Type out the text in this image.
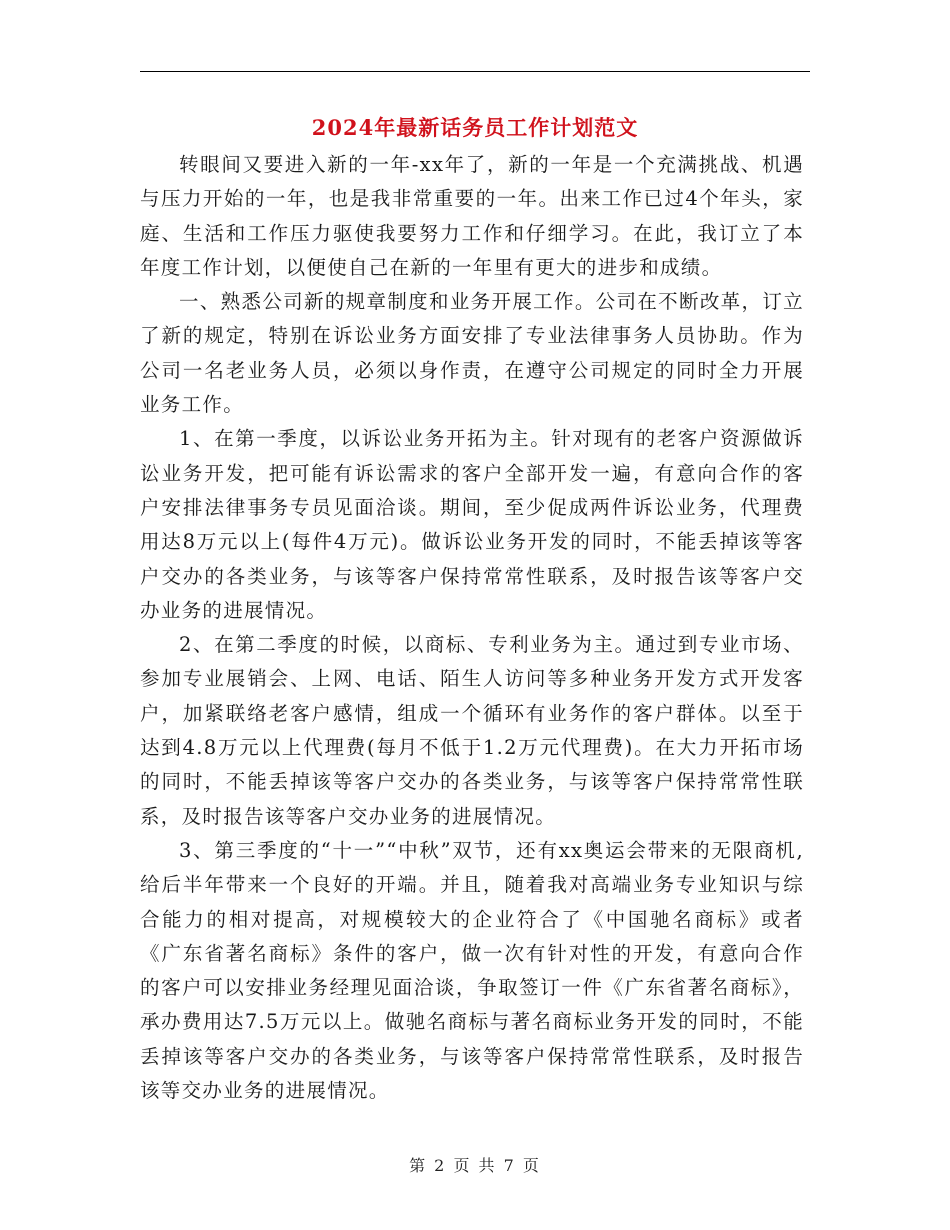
2024年最新话务员工作计划范文

转眼间又要进入新的一年-xx年了，新的一年是一个充满挑战、机遇与压力开始的一年，也是我非常重要的一年。出来工作已过4个年头，家庭、生活和工作压力驱使我要努力工作和仔细学习。在此，我订立了本年度工作计划，以便使自己在新的一年里有更大的进步和成绩。

一、熟悉公司新的规章制度和业务开展工作。公司在不断改革，订立了新的规定，特别在诉讼业务方面安排了专业法律事务人员协助。作为公司一名老业务人员，必须以身作责，在遵守公司规定的同时全力开展业务工作。

1、在第一季度，以诉讼业务开拓为主。针对现有的老客户资源做诉讼业务开发，把可能有诉讼需求的客户全部开发一遍，有意向合作的客户安排法律事务专员见面洽谈。期间，至少促成两件诉讼业务，代理费用达8万元以上(每件4万元)。做诉讼业务开发的同时，不能丢掉该等客户交办的各类业务，与该等客户保持常常性联系，及时报告该等客户交办业务的进展情况。

2、在第二季度的时候，以商标、专利业务为主。通过到专业市场、参加专业展销会、上网、电话、陌生人访问等多种业务开发方式开发客户，加紧联络老客户感情，组成一个循环有业务作的客户群体。以至于达到4.8万元以上代理费(每月不低于1.2万元代理费)。在大力开拓市场的同时，不能丢掉该等客户交办的各类业务，与该等客户保持常常性联系，及时报告该等客户交办业务的进展情况。

3、第三季度的“十一”“中秋”双节，还有xx奥运会带来的无限商机,给后半年带来一个良好的开端。并且，随着我对高端业务专业知识与综合能力的相对提高，对规模较大的企业符合了《中国驰名商标》或者《广东省著名商标》条件的客户，做一次有针对性的开发，有意向合作的客户可以安排业务经理见面洽谈，争取签订一件《广东省著名商标》，承办费用达7.5万元以上。做驰名商标与著名商标业务开发的同时，不能丢掉该等客户交办的各类业务，与该等客户保持常常性联系，及时报告该等交办业务的进展情况。

第 2 页 共 7 页
